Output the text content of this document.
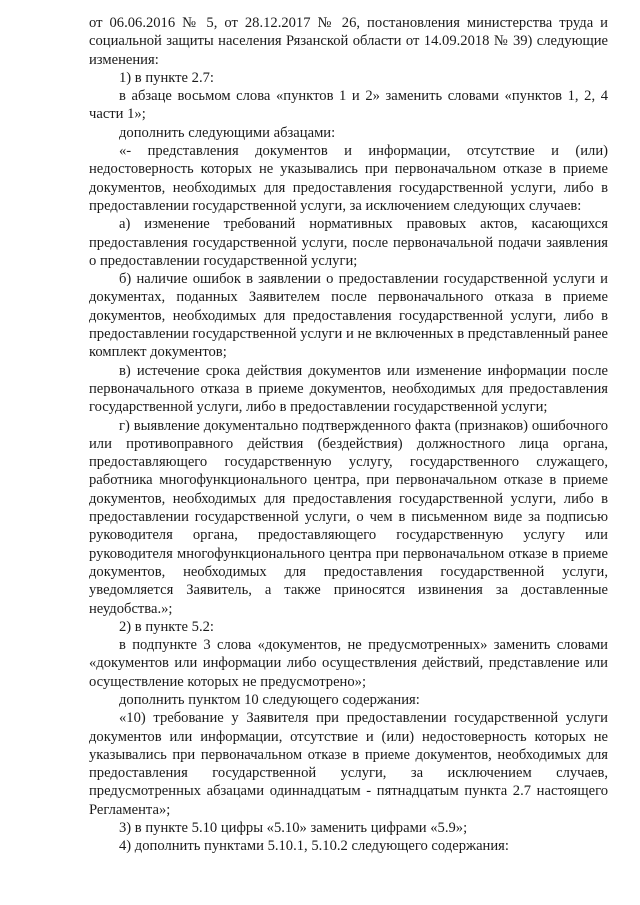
от 06.06.2016 № 5, от 28.12.2017 № 26, постановления министерства труда и социальной защиты населения Рязанской области от 14.09.2018 № 39) следующие изменения:

1) в пункте 2.7:

в абзаце восьмом слова «пунктов 1 и 2» заменить словами «пунктов 1, 2, 4 части 1»;

дополнить следующими абзацами:

«- представления документов и информации, отсутствие и (или) недостоверность которых не указывались при первоначальном отказе в приеме документов, необходимых для предоставления государственной услуги, либо в предоставлении государственной услуги, за исключением следующих случаев:

а) изменение требований нормативных правовых актов, касающихся предоставления государственной услуги, после первоначальной подачи заявления о предоставлении государственной услуги;

б) наличие ошибок в заявлении о предоставлении государственной услуги и документах, поданных Заявителем после первоначального отказа в приеме документов, необходимых для предоставления государственной услуги, либо в предоставлении государственной услуги и не включенных в представленный ранее комплект документов;

в) истечение срока действия документов или изменение информации после первоначального отказа в приеме документов, необходимых для предоставления государственной услуги, либо в предоставлении государственной услуги;

г) выявление документально подтвержденного факта (признаков) ошибочного или противоправного действия (бездействия) должностного лица органа, предоставляющего государственную услугу, государственного служащего, работника многофункционального центра, при первоначальном отказе в приеме документов, необходимых для предоставления государственной услуги, либо в предоставлении государственной услуги, о чем в письменном виде за подписью руководителя органа, предоставляющего государственную услугу или руководителя многофункционального центра при первоначальном отказе в приеме документов, необходимых для предоставления государственной услуги, уведомляется Заявитель, а также приносятся извинения за доставленные неудобства.»;

2) в пункте 5.2:

в подпункте 3 слова «документов, не предусмотренных» заменить словами «документов или информации либо осуществления действий, представление или осуществление которых не предусмотрено»;

дополнить пунктом 10 следующего содержания:

«10) требование у Заявителя при предоставлении государственной услуги документов или информации, отсутствие и (или) недостоверность которых не указывались при первоначальном отказе в приеме документов, необходимых для предоставления государственной услуги, за исключением случаев, предусмотренных абзацами одиннадцатым - пятнадцатым пункта 2.7 настоящего Регламента»;

3) в пункте 5.10 цифры «5.10» заменить цифрами «5.9»;

4) дополнить пунктами 5.10.1, 5.10.2 следующего содержания:
